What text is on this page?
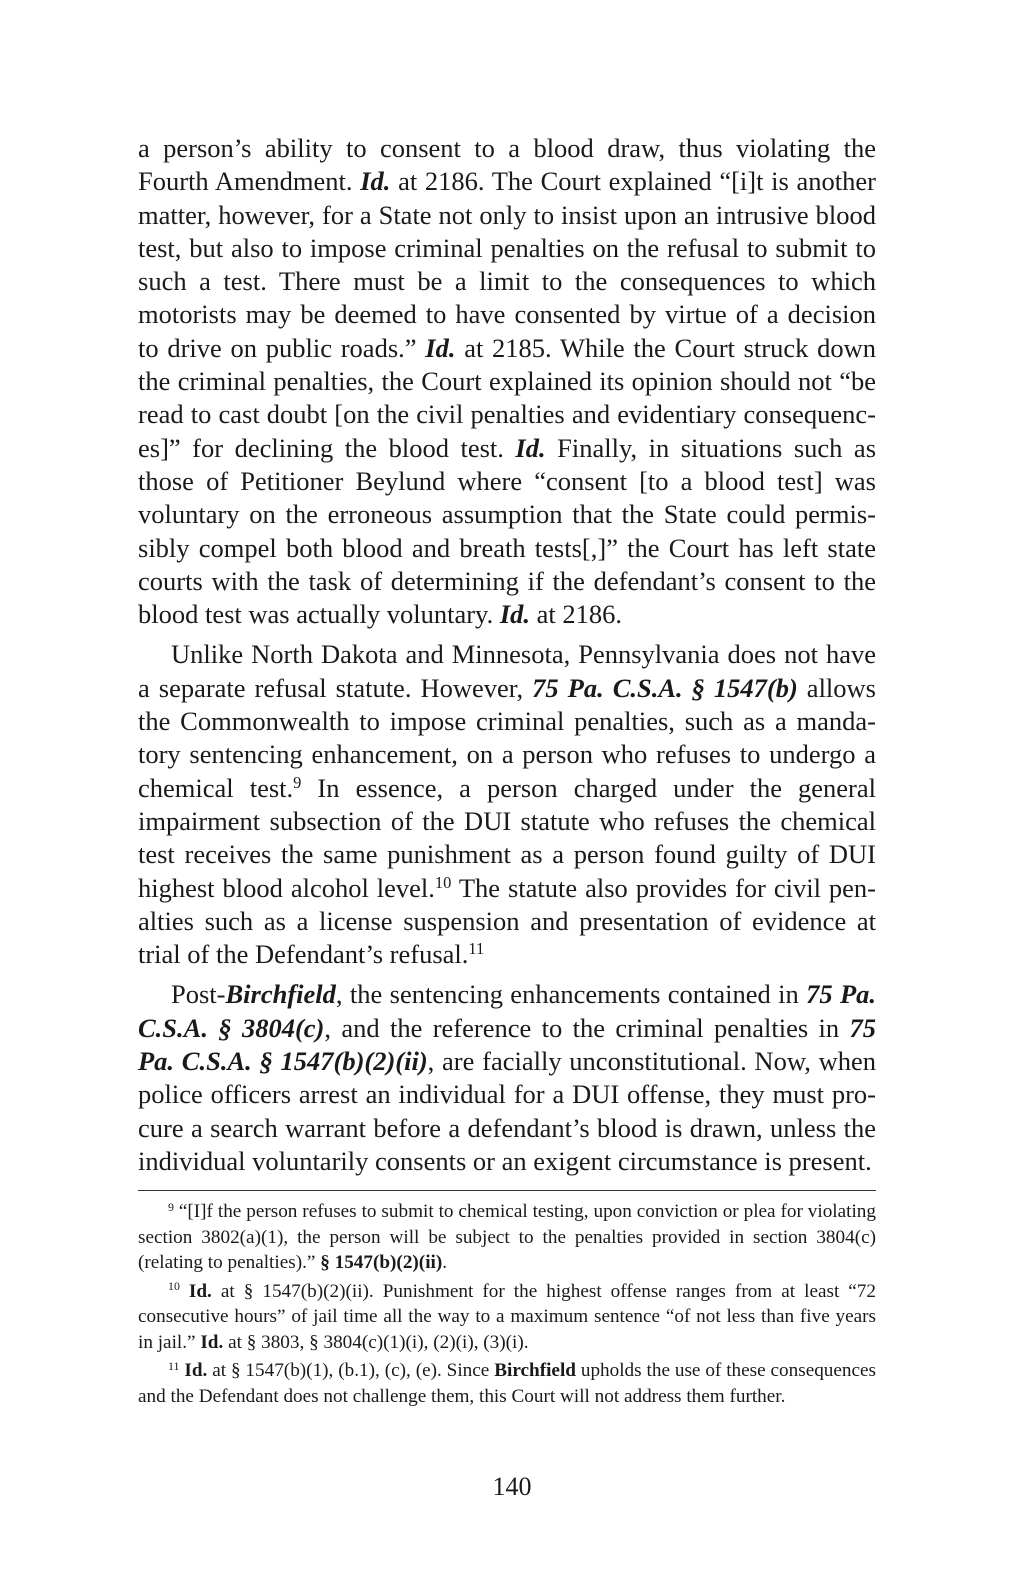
a person’s ability to consent to a blood draw, thus violating the Fourth Amendment. Id. at 2186. The Court explained “[i]t is another matter, however, for a State not only to insist upon an intrusive blood test, but also to impose criminal penalties on the refusal to submit to such a test. There must be a limit to the consequences to which motorists may be deemed to have consented by virtue of a decision to drive on public roads.” Id. at 2185. While the Court struck down the criminal penalties, the Court explained its opinion should not “be read to cast doubt [on the civil penalties and evidentiary consequences]” for declining the blood test. Id. Finally, in situations such as those of Petitioner Beylund where “consent [to a blood test] was voluntary on the erroneous assumption that the State could permissibly compel both blood and breath tests[,]” the Court has left state courts with the task of determining if the defendant’s consent to the blood test was actually voluntary. Id. at 2186.

Unlike North Dakota and Minnesota, Pennsylvania does not have a separate refusal statute. However, 75 Pa. C.S.A. § 1547(b) allows the Commonwealth to impose criminal penalties, such as a mandatory sentencing enhancement, on a person who refuses to undergo a chemical test.$^9$ In essence, a person charged under the general impairment subsection of the DUI statute who refuses the chemical test receives the same punishment as a person found guilty of DUI highest blood alcohol level.$^{10}$ The statute also provides for civil penalties such as a license suspension and presentation of evidence at trial of the Defendant’s refusal.$^{11}$

Post-Birchfield, the sentencing enhancements contained in 75 Pa. C.S.A. § 3804(c), and the reference to the criminal penalties in 75 Pa. C.S.A. § 1547(b)(2)(ii), are facially unconstitutional. Now, when police officers arrest an individual for a DUI offense, they must procure a search warrant before a defendant’s blood is drawn, unless the individual voluntarily consents or an exigent circumstance is present.

$^9$ “[I]f the person refuses to submit to chemical testing, upon conviction or plea for violating section 3802(a)(1), the person will be subject to the penalties provided in section 3804(c) (relating to penalties).” § 1547(b)(2)(ii).

$^{10}$ Id. at § 1547(b)(2)(ii). Punishment for the highest offense ranges from at least “72 consecutive hours” of jail time all the way to a maximum sentence “of not less than five years in jail.” Id. at § 3803, § 3804(c)(1)(i), (2)(i), (3)(i).

$^{11}$ Id. at § 1547(b)(1), (b.1), (c), (e). Since Birchfield upholds the use of these consequences and the Defendant does not challenge them, this Court will not address them further.

140
